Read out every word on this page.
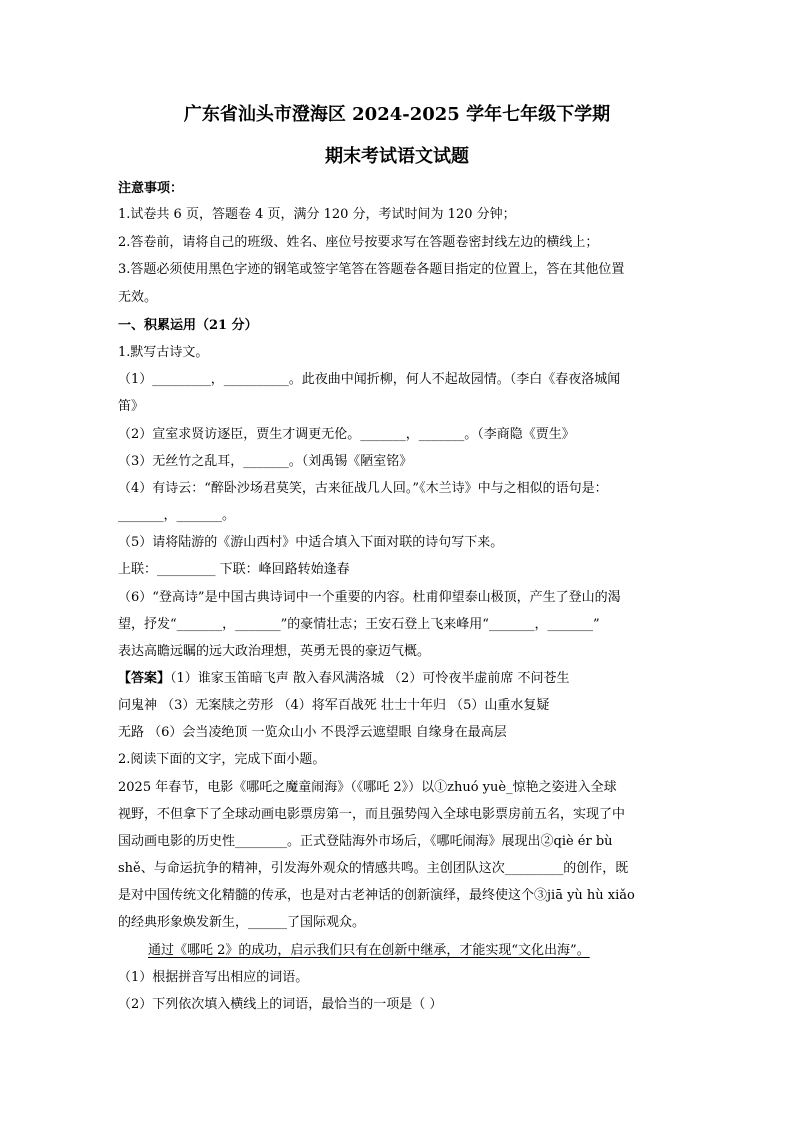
广东省汕头市澄海区 2024-2025 学年七年级下学期
期末考试语文试题
注意事项：
1.试卷共 6 页，答题卷 4 页，满分 120 分，考试时间为 120 分钟；
2.答卷前，请将自己的班级、姓名、座位号按要求写在答题卷密封线左边的横线上；
3.答题必须使用黑色字迹的钢笔或签字笔答在答题卷各题目指定的位置上，答在其他位置
无效。
一、积累运用（21 分）
1.默写古诗文。
（1）_________，__________。此夜曲中闻折柳，何人不起故园情。（李白《春夜洛城闻
笛》
（2）宣室求贤访逐臣，贾生才调更无伦。_______，_______。（李商隐《贾生》
（3）无丝竹之乱耳，_______。（刘禹锡《陋室铭》
（4）有诗云：“醉卧沙场君莫笑，古来征战几人回。”《木兰诗》中与之相似的语句是：
_______，_______。
（5）请将陆游的《游山西村》中适合填入下面对联的诗句写下来。
上联：_________ 下联：峰回路转始逢春
（6）“登高诗”是中国古典诗词中一个重要的内容。杜甫仰望泰山极顶，产生了登山的渴
望，抒发“_______，_______”的豪情壮志；王安石登上飞来峰用“_______，_______”
表达高瞻远瞩的远大政治理想，英勇无畏的豪迈气概。
【答案】（1）谁家玉笛暗飞声 散入春风满洛城 （2）可怜夜半虚前席 不问苍生
问鬼神 （3）无案牍之劳形 （4）将军百战死 壮士十年归 （5）山重水复疑
无路 （6）会当凌绝顶 一览众山小 不畏浮云遮望眼 自缘身在最高层
2.阅读下面的文字，完成下面小题。
2025 年春节，电影《哪吒之魔童闹海》（《哪吒 2》）以①zhuó yuè_惊艳之姿进入全球
视野，不但拿下了全球动画电影票房第一，而且强势闯入全球电影票房前五名，实现了中
国动画电影的历史性________。正式登陆海外市场后，《哪吒闹海》展现出②qiè ér bù
shě、与命运抗争的精神，引发海外观众的情感共鸣。主创团队这次_________的创作，既
是对中国传统文化精髓的传承，也是对古老神话的创新演绎，最终使这个③jiā yù hù xiǎo
的经典形象焕发新生，______了国际观众。
通过《哪吒 2》的成功，启示我们只有在创新中继承，才能实现“文化出海”。
（1）根据拼音写出相应的词语。
（2）下列依次填入横线上的词语，最恰当的一项是（ ）
